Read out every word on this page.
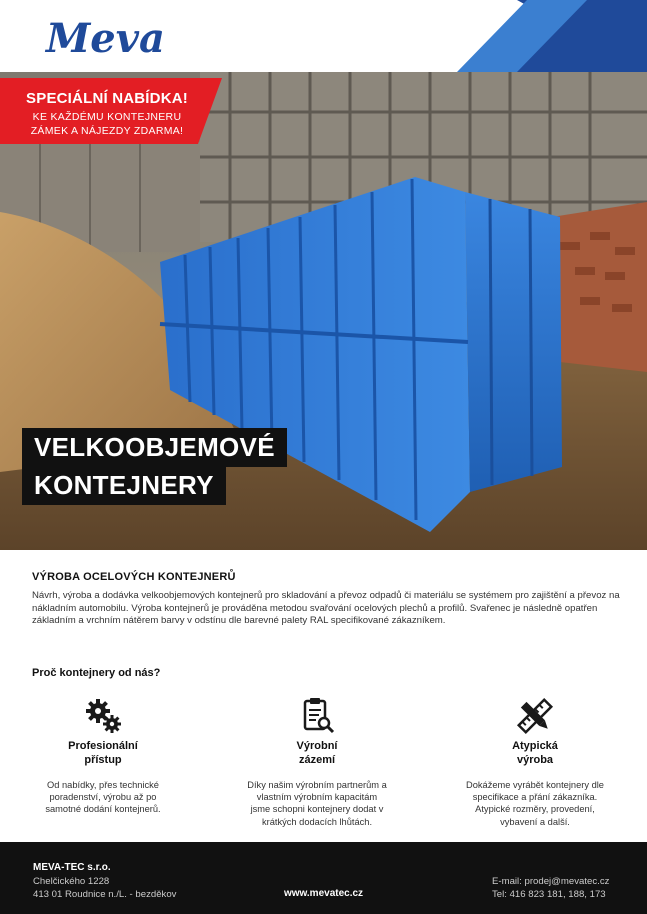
Meva
SPECIÁLNÍ NABÍDKA!
KE KAŽDÉMU KONTEJNERU
ZÁMEK A NÁJEZDY ZDARMA!
VELKOOBJEMOVÉ
KONTEJNERY
VÝROBA OCELOVÝCH KONTEJNERŮ
Návrh, výroba a dodávka velkoobjemových kontejnerů pro skladování a převoz odpadů či materiálu se systémem pro zajištění a převoz na nákladním automobilu. Výroba kontejnerů je prováděna metodou svařování ocelových plechů a profilů. Svařenec je následně opatřen základním a vrchním nátěrem barvy v odstínu dle barevné palety RAL specifikované zákazníkem.
Proč kontejnery od nás?
Profesionální
přístup
Od nabídky, přes technické poradenství, výrobu až po samotné dodání kontejnerů.
Výrobní
zázemí
Díky našim výrobním partnerům a vlastním výrobním kapacitám jsme schopni kontejnery dodat v krátkých dodacích lhůtách.
Atypická
výroba
Dokážeme vyrábět kontejnery dle specifikace a přání zákazníka. Atypické rozměry, provedení, vybavení a další.
MEVA-TEC s.r.o.
Chelčického 1228
413 01 Roudnice n./L. - bezděkov	www.mevatec.cz
E-mail: prodej@mevatec.cz
Tel: 416 823 181, 188, 173
